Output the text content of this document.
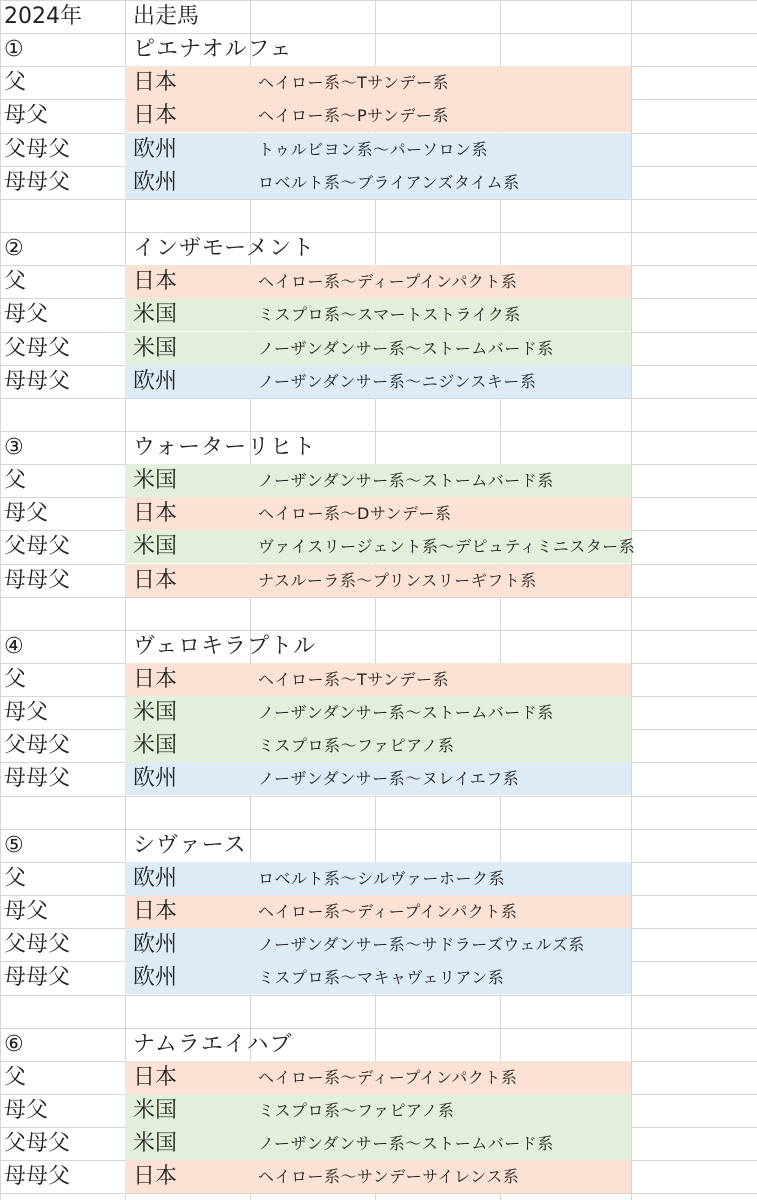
2024年 出走馬
①	ピエナオルフェ
父	日本	ヘイロー系〜Tサンデー系
母父	日本	ヘイロー系〜Pサンデー系
父母父	欧州	トゥルビヨン系〜パーソロン系
母母父	欧州	ロベルト系〜ブライアンズタイム系
②	インザモーメント
父	日本	ヘイロー系〜ディープインパクト系
母父	米国	ミスプロ系〜スマートストライク系
父母父	米国	ノーザンダンサー系〜ストームバード系
母母父	欧州	ノーザンダンサー系〜ニジンスキー系
③	ウォーターリヒト
父	米国	ノーザンダンサー系〜ストームバード系
母父	日本	ヘイロー系〜Dサンデー系
父母父	米国	ヴァイスリージェント系〜デピュティミニスター系
母母父	日本	ナスルーラ系〜プリンスリーギフト系
④	ヴェロキラプトル
父	日本	ヘイロー系〜Tサンデー系
母父	米国	ノーザンダンサー系〜ストームバード系
父母父	米国	ミスプロ系〜ファピアノ系
母母父	欧州	ノーザンダンサー系〜ヌレイエフ系
⑤	シヴァース
父	欧州	ロベルト系〜シルヴァーホーク系
母父	日本	ヘイロー系〜ディープインパクト系
父母父	欧州	ノーザンダンサー系〜サドラーズウェルズ系
母母父	欧州	ミスプロ系〜マキャヴェリアン系
⑥	ナムラエイハブ
父	日本	ヘイロー系〜ディープインパクト系
母父	米国	ミスプロ系〜ファピアノ系
父母父	米国	ノーザンダンサー系〜ストームバード系
母母父	日本	ヘイロー系〜サンデーサイレンス系
